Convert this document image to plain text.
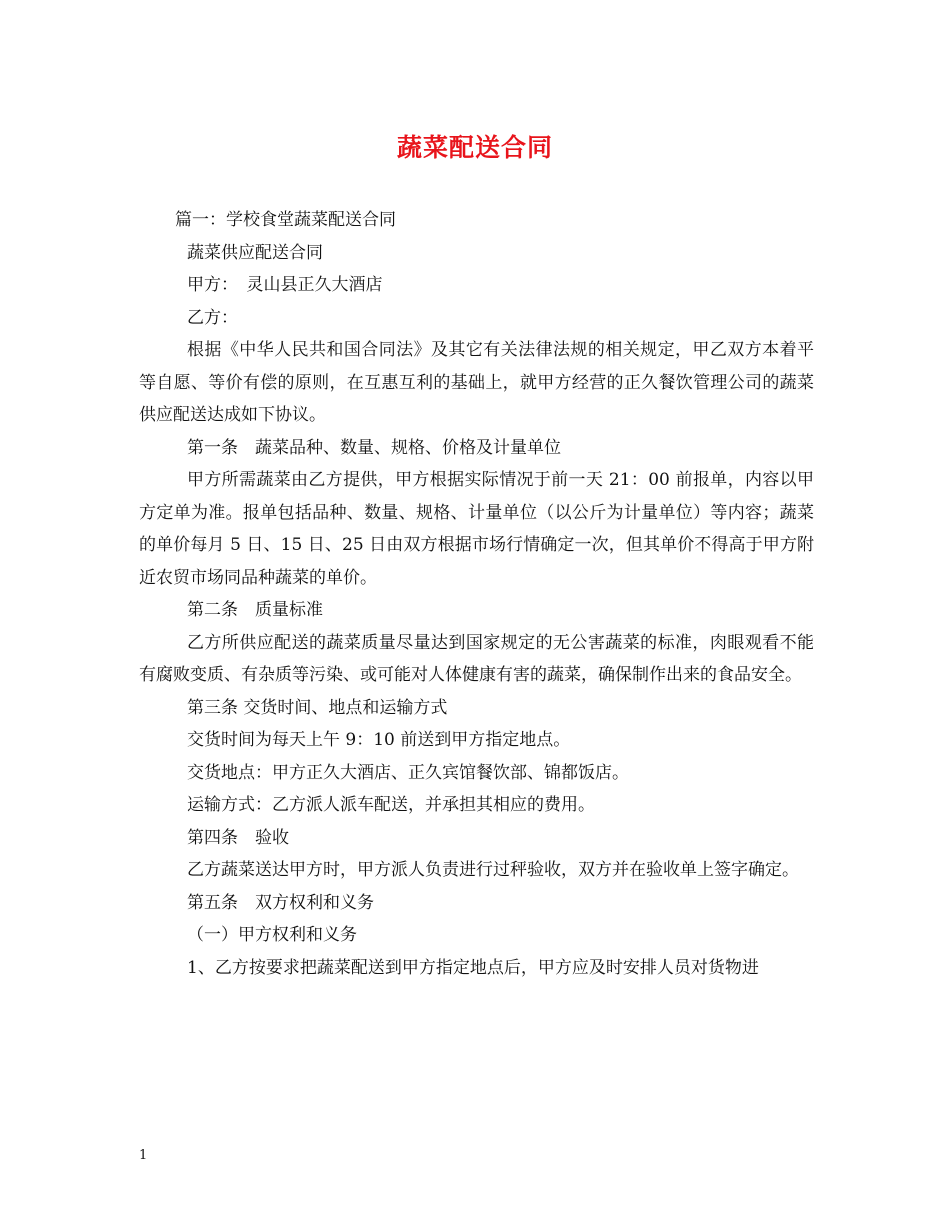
蔬菜配送合同

篇一：学校食堂蔬菜配送合同

蔬菜供应配送合同

甲方：　灵山县正久大酒店

乙方：

根据《中华人民共和国合同法》及其它有关法律法规的相关规定，甲乙双方本着平等自愿、等价有偿的原则，在互惠互利的基础上，就甲方经营的正久餐饮管理公司的蔬菜供应配送达成如下协议。

第一条　蔬菜品种、数量、规格、价格及计量单位

甲方所需蔬菜由乙方提供，甲方根据实际情况于前一天 21：00 前报单，内容以甲方定单为准。报单包括品种、数量、规格、计量单位（以公斤为计量单位）等内容；蔬菜的单价每月 5 日、15 日、25 日由双方根据市场行情确定一次，但其单价不得高于甲方附近农贸市场同品种蔬菜的单价。

第二条　质量标准

乙方所供应配送的蔬菜质量尽量达到国家规定的无公害蔬菜的标准，肉眼观看不能有腐败变质、有杂质等污染、或可能对人体健康有害的蔬菜，确保制作出来的食品安全。

第三条 交货时间、地点和运输方式

交货时间为每天上午 9：10 前送到甲方指定地点。

交货地点：甲方正久大酒店、正久宾馆餐饮部、锦都饭店。

运输方式：乙方派人派车配送，并承担其相应的费用。

第四条　验收

乙方蔬菜送达甲方时，甲方派人负责进行过秤验收，双方并在验收单上签字确定。

第五条　双方权利和义务

（一）甲方权利和义务

1、乙方按要求把蔬菜配送到甲方指定地点后，甲方应及时安排人员对货物进

1
